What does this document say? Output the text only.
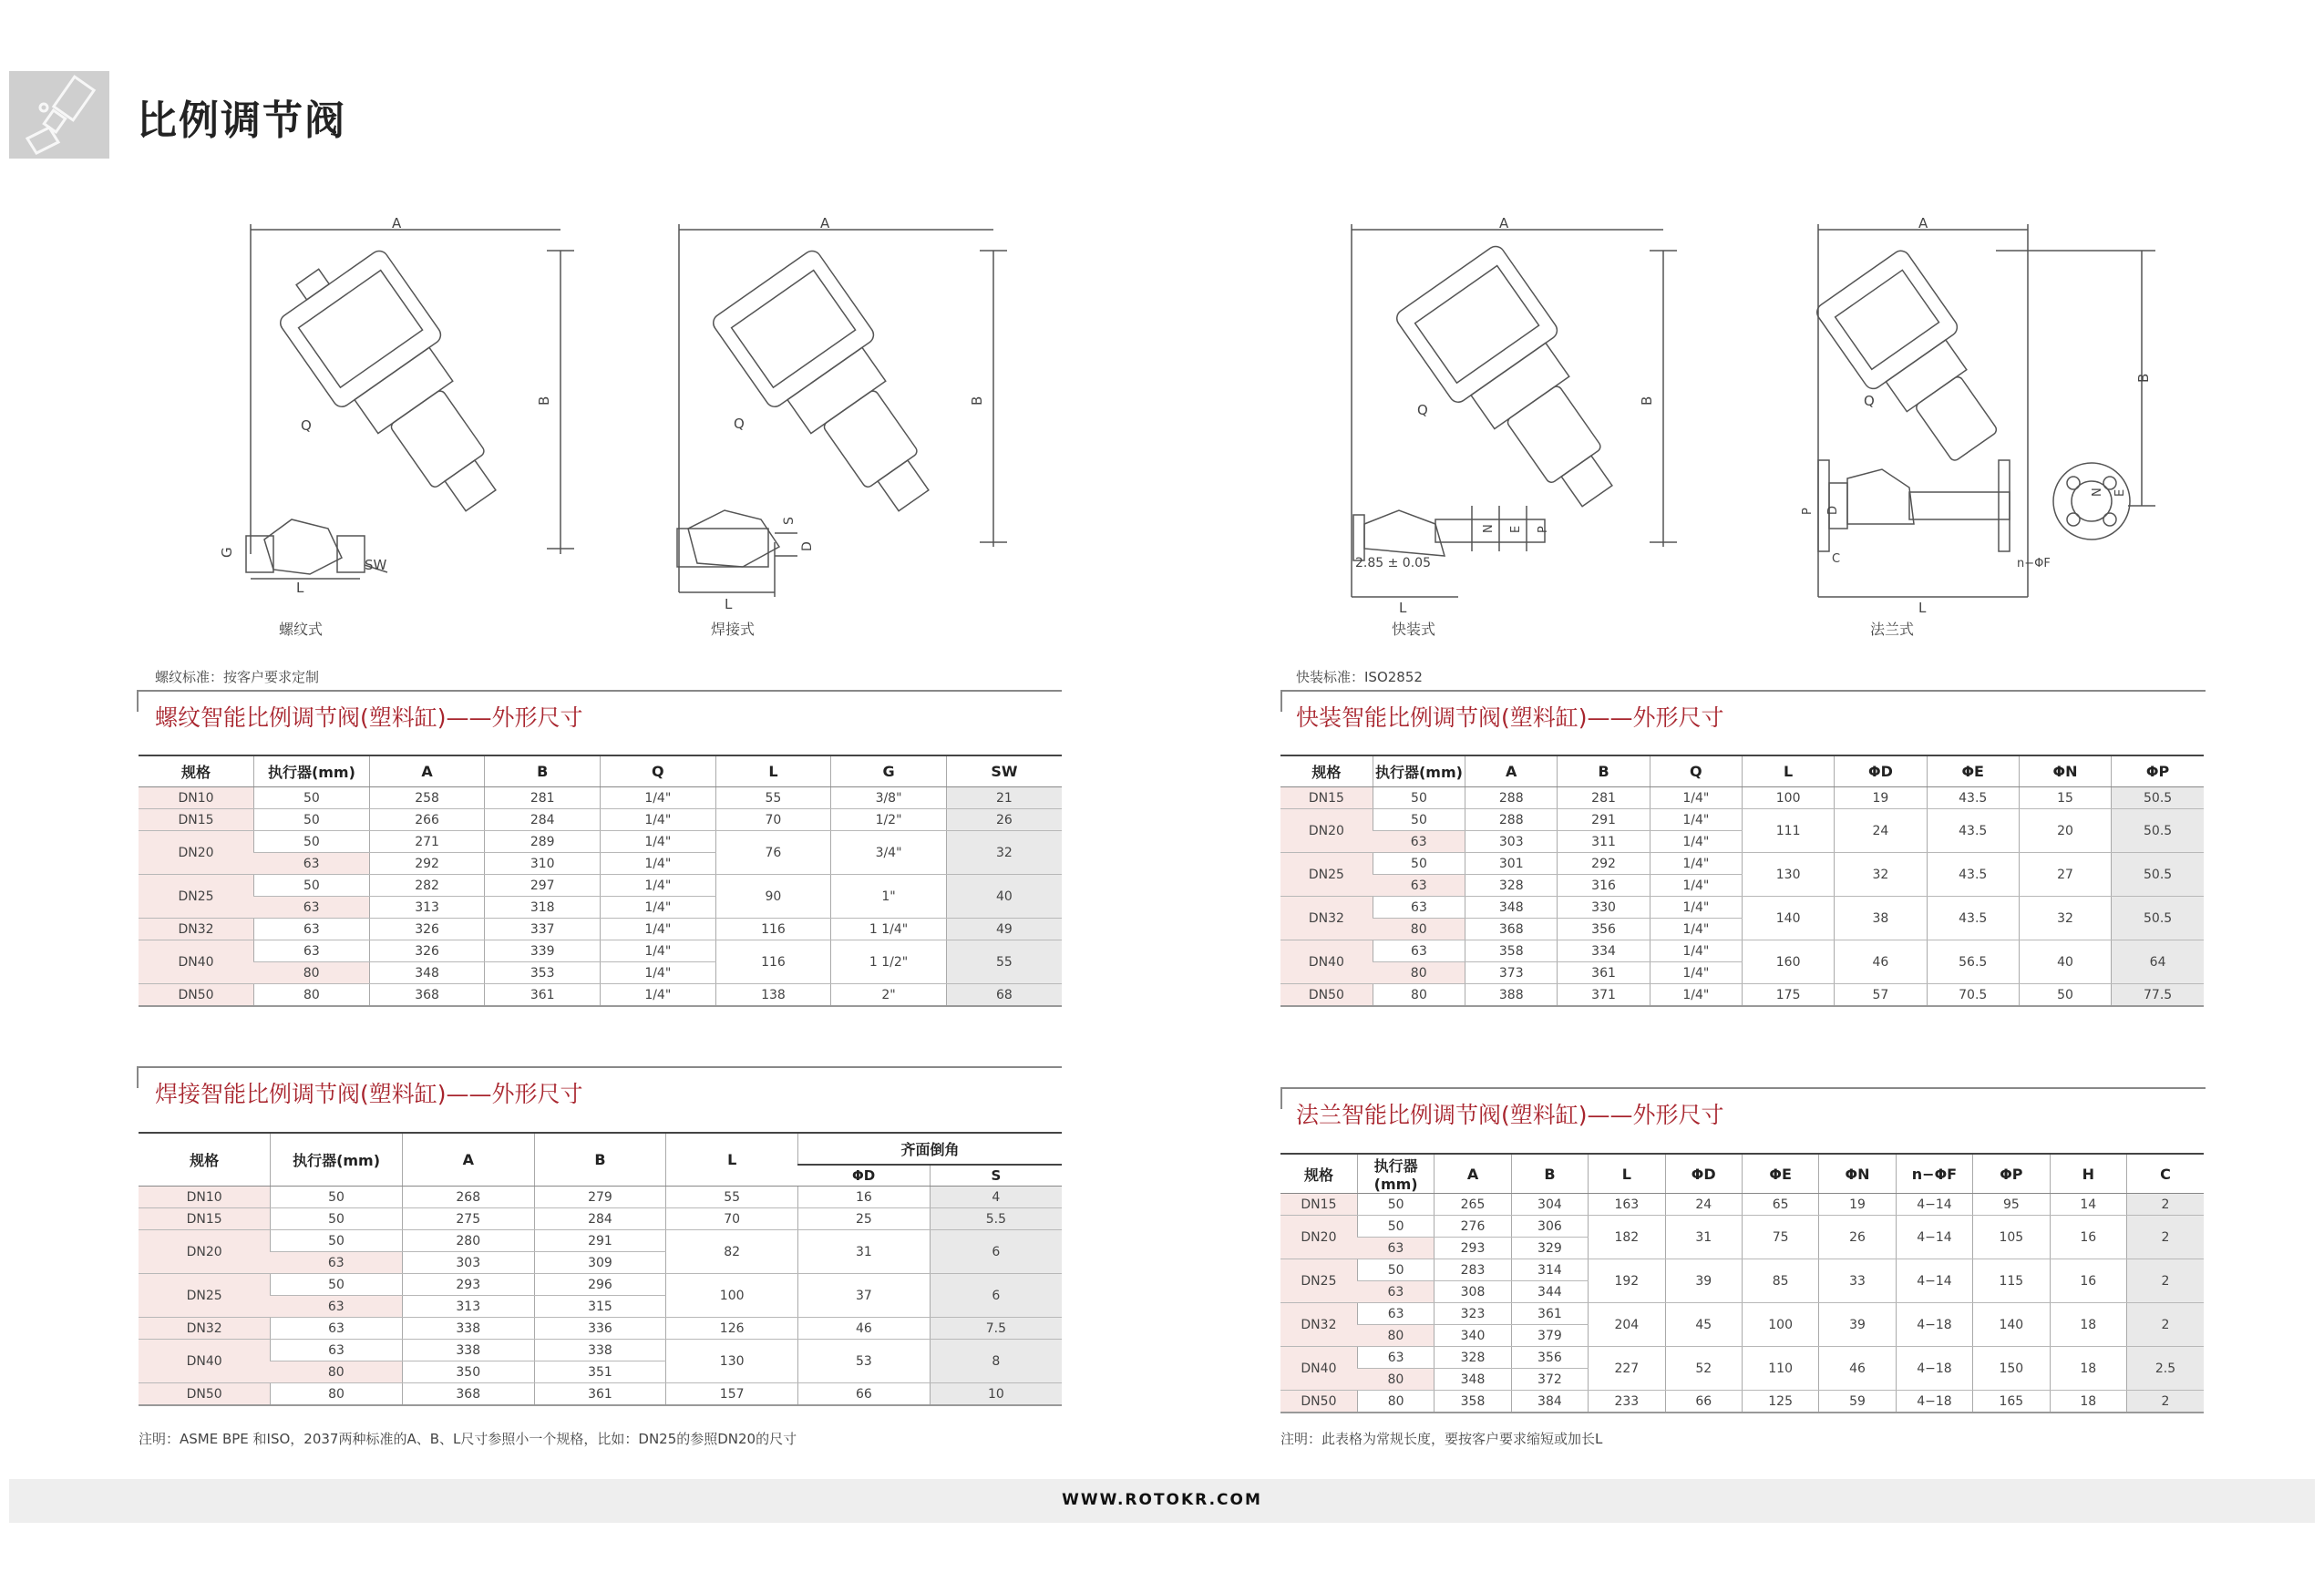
比例调节阀
A
B
G
L
SW
Q
螺纹式
A
B
L
D
S
Q
焊接式
A
B
L
N E P
Q
2.85 ± 0.05
快装式
A
B
L
P D
C
N E
n−ΦF
Q
法兰式
螺纹标准：按客户要求定制	快装标准：ISO2852
螺纹智能比例调节阀(塑料缸)——外形尺寸	快装智能比例调节阀(塑料缸)——外形尺寸
焊接智能比例调节阀(塑料缸)——外形尺寸
法兰智能比例调节阀(塑料缸)——外形尺寸
规格	执行器(mm)	A	B	Q	L	G	SW
DN10	50	258	281	1/4"	55	3/8"	21
DN15	50	266	284	1/4"	70	1/2"	26
DN20	50	271	289	1/4"	76	3/4"	32
	63	292	310	1/4"			
DN25	50	282	297	1/4"	90	1"	40
	63	313	318	1/4"			
DN32	63	326	337	1/4"	116	1 1/4"	49
DN40	63	326	339	1/4"	116	1 1/2"	55
	80	348	353	1/4"			
DN50	80	368	361	1/4"	138	2"	68
规格	执行器(mm)	A	B	Q	L	ΦD	ΦE	ΦN	ΦP
DN15	50	288	281	1/4"	100	19	43.5	15	50.5
DN20	50	288	291	1/4"	111	24	43.5	20	50.5
	63	303	311	1/4"					
DN25	50	301	292	1/4"	130	32	43.5	27	50.5
	63	328	316	1/4"					
DN32	63	348	330	1/4"	140	38	43.5	32	50.5
	80	368	356	1/4"					
DN40	63	358	334	1/4"	160	46	56.5	40	64
	80	373	361	1/4"					
DN50	80	388	371	1/4"	175	57	70.5	50	77.5
规格	执行器(mm)	A	B	L	齐面倒角	
					ΦD	S
DN10	50	268	279	55	16	4
DN15	50	275	284	70	25	5.5
DN20	50	280	291	82	31	6
	63	303	309			
DN25	50	293	296	100	37	6
	63	313	315			
DN32	63	338	336	126	46	7.5
DN40	63	338	338	130	53	8
	80	350	351			
DN50	80	368	361	157	66	10
规格	执行器(mm)	A	B	L	ΦD	ΦE	ΦN	n−ΦF	ΦP	H	C
DN15	50	265	304	163	24	65	19	4−14	95	14	2
DN20	50	276	306	182	31	75	26	4−14	105	16	2
	63	293	329								
DN25	50	283	314	192	39	85	33	4−14	115	16	2
	63	308	344								
DN32	63	323	361	204	45	100	39	4−18	140	18	2
	80	340	379								
DN40	63	328	356	227	52	110	46	4−18	150	18	2.5
	80	348	372								
DN50	80	358	384	233	66	125	59	4−18	165	18	2
注明：ASME BPE 和ISO，2037两种标准的A、B、L尺寸参照小一个规格，比如：DN25的参照DN20的尺寸	注明：此表格为常规长度，要按客户要求缩短或加长L
WWW.ROTOKR.COM
